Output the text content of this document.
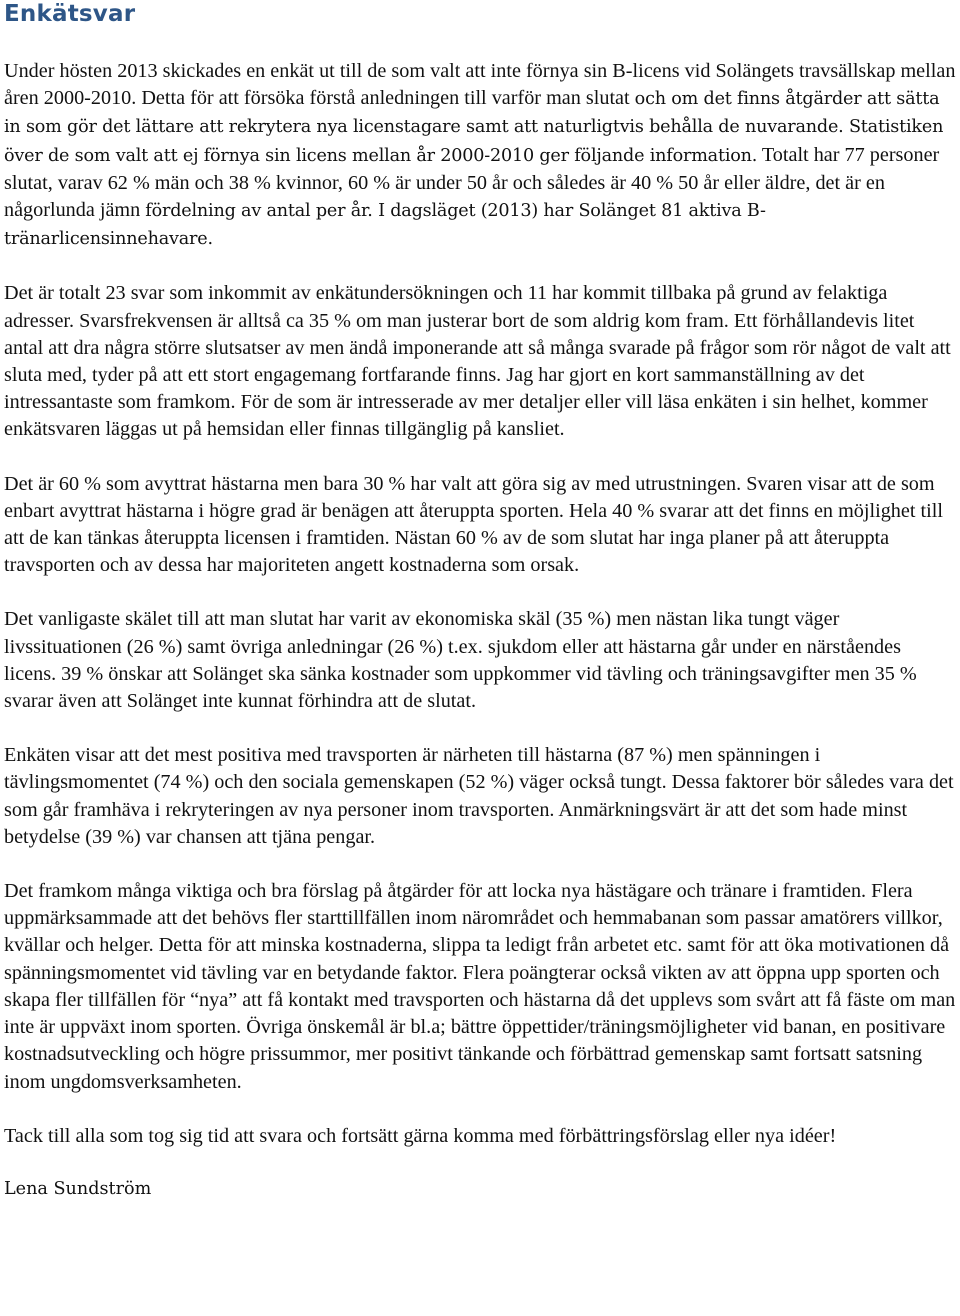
Enkätsvar

Under hösten 2013 skickades en enkät ut till de som valt att inte förnya sin B-licens vid Solängets travsällskap mellan åren 2000-2010. Detta för att försöka förstå anledningen till varför man slutat och om det finns åtgärder att sätta in som gör det lättare att rekrytera nya licenstagare samt att naturligtvis behålla de nuvarande. Statistiken över de som valt att ej förnya sin licens mellan år 2000-2010 ger följande information. Totalt har 77 personer slutat, varav 62 % män och 38 % kvinnor, 60 % är under 50 år och således är 40 % 50 år eller äldre, det är en någorlunda jämn fördelning av antal per år. I dagsläget (2013) har Solänget 81 aktiva B-tränarlicensinnehavare.

Det är totalt 23 svar som inkommit av enkätundersökningen och 11 har kommit tillbaka på grund av felaktiga adresser. Svarsfrekvensen är alltså ca 35 % om man justerar bort de som aldrig kom fram. Ett förhållandevis litet antal att dra några större slutsatser av men ändå imponerande att så många svarade på frågor som rör något de valt att sluta med, tyder på att ett stort engagemang fortfarande finns. Jag har gjort en kort sammanställning av det intressantaste som framkom. För de som är intresserade av mer detaljer eller vill läsa enkäten i sin helhet, kommer enkätsvaren läggas ut på hemsidan eller finnas tillgänglig på kansliet.

Det är 60 % som avyttrat hästarna men bara 30 % har valt att göra sig av med utrustningen. Svaren visar att de som enbart avyttrat hästarna i högre grad är benägen att återuppta sporten. Hela 40 % svarar att det finns en möjlighet till att de kan tänkas återuppta licensen i framtiden. Nästan 60 % av de som slutat har inga planer på att återuppta travsporten och av dessa har majoriteten angett kostnaderna som orsak.

Det vanligaste skälet till att man slutat har varit av ekonomiska skäl (35 %) men nästan lika tungt väger livssituationen (26 %) samt övriga anledningar (26 %) t.ex. sjukdom eller att hästarna går under en närståendes licens. 39 % önskar att Solänget ska sänka kostnader som uppkommer vid tävling och träningsavgifter men 35 % svarar även att Solänget inte kunnat förhindra att de slutat.

Enkäten visar att det mest positiva med travsporten är närheten till hästarna (87 %) men spänningen i tävlingsmomentet (74 %) och den sociala gemenskapen (52 %) väger också tungt. Dessa faktorer bör således vara det som går framhäva i rekryteringen av nya personer inom travsporten. Anmärkningsvärt är att det som hade minst betydelse (39 %) var chansen att tjäna pengar.

Det framkom många viktiga och bra förslag på åtgärder för att locka nya hästägare och tränare i framtiden. Flera uppmärksammade att det behövs fler starttillfällen inom närområdet och hemmabanan som passar amatörers villkor, kvällar och helger. Detta för att minska kostnaderna, slippa ta ledigt från arbetet etc. samt för att öka motivationen då spänningsmomentet vid tävling var en betydande faktor. Flera poängterar också vikten av att öppna upp sporten och skapa fler tillfällen för “nya” att få kontakt med travsporten och hästarna då det upplevs som svårt att få fäste om man inte är uppväxt inom sporten. Övriga önskemål är bl.a; bättre öppettider/träningsmöjligheter vid banan, en positivare kostnadsutveckling och högre prissummor, mer positivt tänkande och förbättrad gemenskap samt fortsatt satsning inom ungdomsverksamheten.

Tack till alla som tog sig tid att svara och fortsätt gärna komma med förbättringsförslag eller nya idéer!

Lena Sundström
